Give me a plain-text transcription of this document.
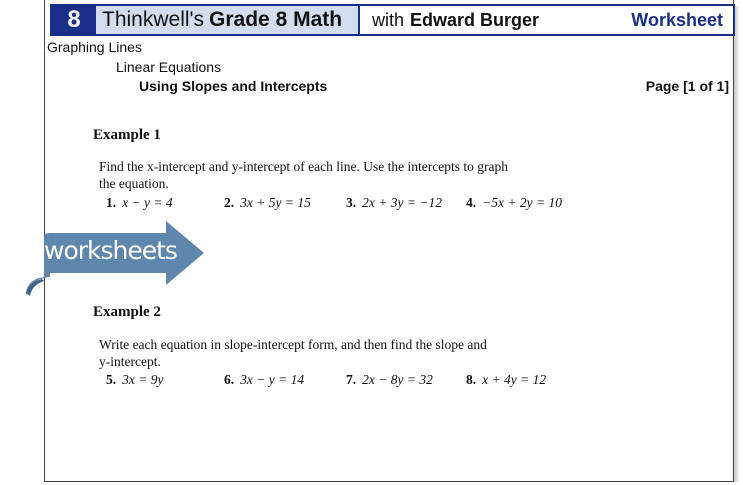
8	Thinkwell's Grade 8 Math with Edward Burger	Worksheet
Graphing Lines
Linear Equations
Using Slopes and Intercepts	Page [1 of 1]
Example 1
Find the x-intercept and y-intercept of each line. Use the intercepts to graph
the equation.
1. x − y = 4	2. 3x + 5y = 15	3. 2x + 3y = −12	4. −5x + 2y = 10
worksheets
Example 2
Write each equation in slope-intercept form, and then find the slope and
y-intercept.
5. 3x = 9y	6. 3x − y = 14	7. 2x − 8y = 32	8. x + 4y = 12
